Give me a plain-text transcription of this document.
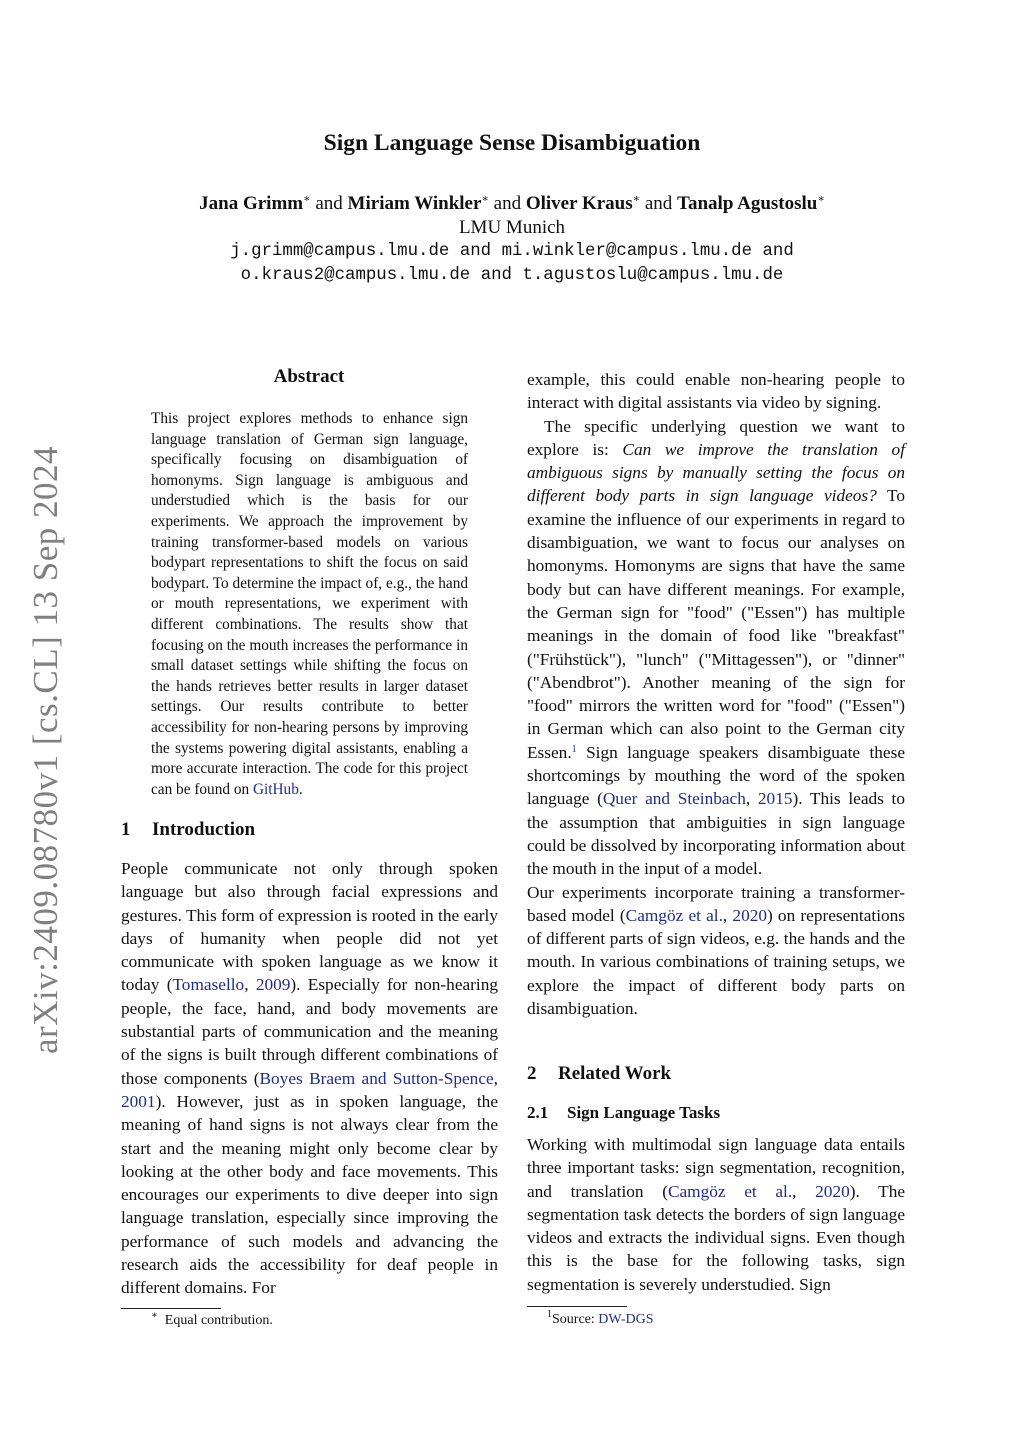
Sign Language Sense Disambiguation
Jana Grimm∗ and Miriam Winkler∗ and Oliver Kraus∗ and Tanalp Agustoslu∗
LMU Munich
j.grimm@campus.lmu.de and mi.winkler@campus.lmu.de and
o.kraus2@campus.lmu.de and t.agustoslu@campus.lmu.de
arXiv:2409.08780v1 [cs.CL] 13 Sep 2024
Abstract
This project explores methods to enhance sign language translation of German sign language, specifically focusing on disambiguation of homonyms. Sign language is ambiguous and understudied which is the basis for our experiments. We approach the improvement by training transformer-based models on various bodypart representations to shift the focus on said bodypart. To determine the impact of, e.g., the hand or mouth representations, we experiment with different combinations. The results show that focusing on the mouth increases the performance in small dataset settings while shifting the focus on the hands retrieves better results in larger dataset settings. Our results contribute to better accessibility for non-hearing persons by improving the systems powering digital assistants, enabling a more accurate interaction. The code for this project can be found on GitHub.
1 Introduction

People communicate not only through spoken language but also through facial expressions and gestures. This form of expression is rooted in the early days of humanity when people did not yet communicate with spoken language as we know it today (Tomasello, 2009). Especially for non-hearing people, the face, hand, and body movements are substantial parts of communication and the meaning of the signs is built through different combinations of those components (Boyes Braem and Sutton-Spence, 2001). However, just as in spoken language, the meaning of hand signs is not always clear from the start and the meaning might only become clear by looking at the other body and face movements. This encourages our experiments to dive deeper into sign language translation, especially since improving the performance of such models and advancing the research aids the accessibility for deaf people in different domains. For

example, this could enable non-hearing people to interact with digital assistants via video by signing.

The specific underlying question we want to explore is: Can we improve the translation of ambiguous signs by manually setting the focus on different body parts in sign language videos? To examine the influence of our experiments in regard to disambiguation, we want to focus our analyses on homonyms. Homonyms are signs that have the same body but can have different meanings. For example, the German sign for "food" ("Essen") has multiple meanings in the domain of food like "breakfast" ("Frühstück"), "lunch" ("Mittagessen"), or "dinner" ("Abendbrot"). Another meaning of the sign for "food" mirrors the written word for "food" ("Essen") in German which can also point to the German city Essen.$^1$ Sign language speakers disambiguate these shortcomings by mouthing the word of the spoken language (Quer and Steinbach, 2015). This leads to the assumption that ambiguities in sign language could be dissolved by incorporating information about the mouth in the input of a model.

Our experiments incorporate training a transformer-based model (Camgöz et al., 2020) on representations of different parts of sign videos, e.g. the hands and the mouth. In various combinations of training setups, we explore the impact of different body parts on disambiguation.

2 Related Work
2.1 Sign Language Tasks

Working with multimodal sign language data entails three important tasks: sign segmentation, recognition, and translation (Camgöz et al., 2020). The segmentation task detects the borders of sign language videos and extracts the individual signs. Even though this is the base for the following tasks, sign segmentation is severely understudied. Sign

∗ Equal contribution.	$^1$Source: DW-DGS
